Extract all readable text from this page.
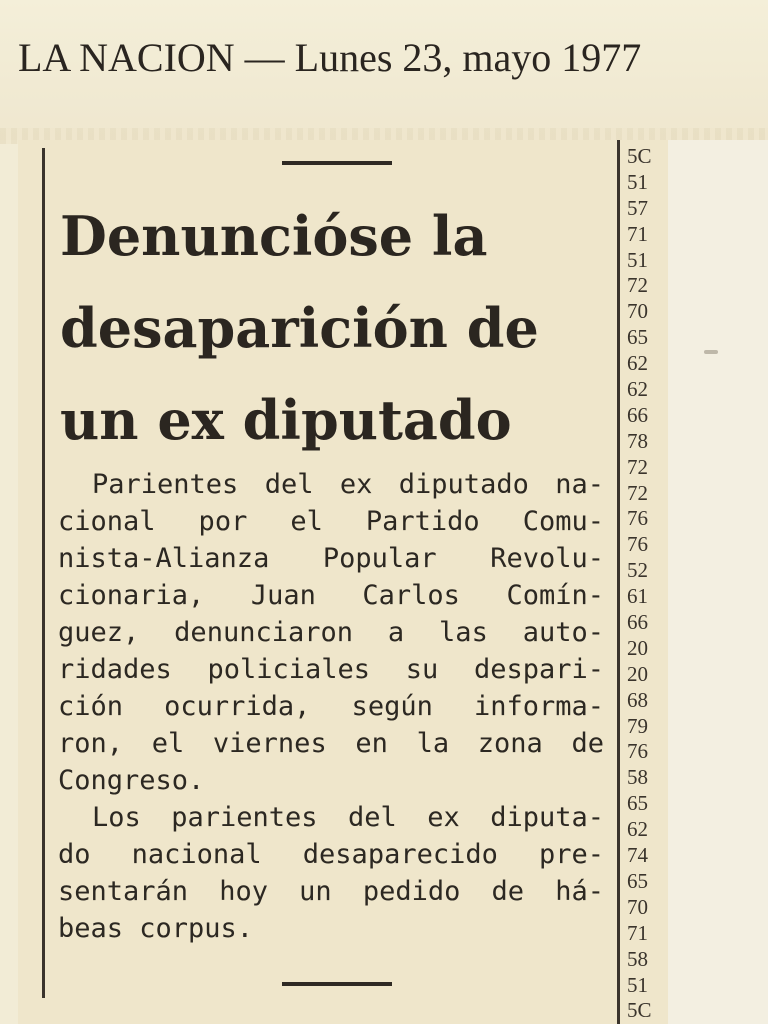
LA NACION — Lunes 23, mayo 1977
Denuncióse la
desaparición de
un ex diputado
Parientes del ex diputado na-
cional por el Partido Comu-
nista-Alianza Popular Revolu-
cionaria, Juan Carlos Comín-
guez, denunciaron a las auto-
ridades policiales su despari-
ción ocurrida, según informa-
ron, el viernes en la zona de
Congreso.
Los parientes del ex diputa-
do nacional desaparecido pre-
sentarán hoy un pedido de há-
beas corpus.
5C
51
57
71
51
72
70
65
62
62
66
78
72
72
76
76
52
61
66
20
20
68
79
76
58
65
62
74
65
70
71
58
51
5C
